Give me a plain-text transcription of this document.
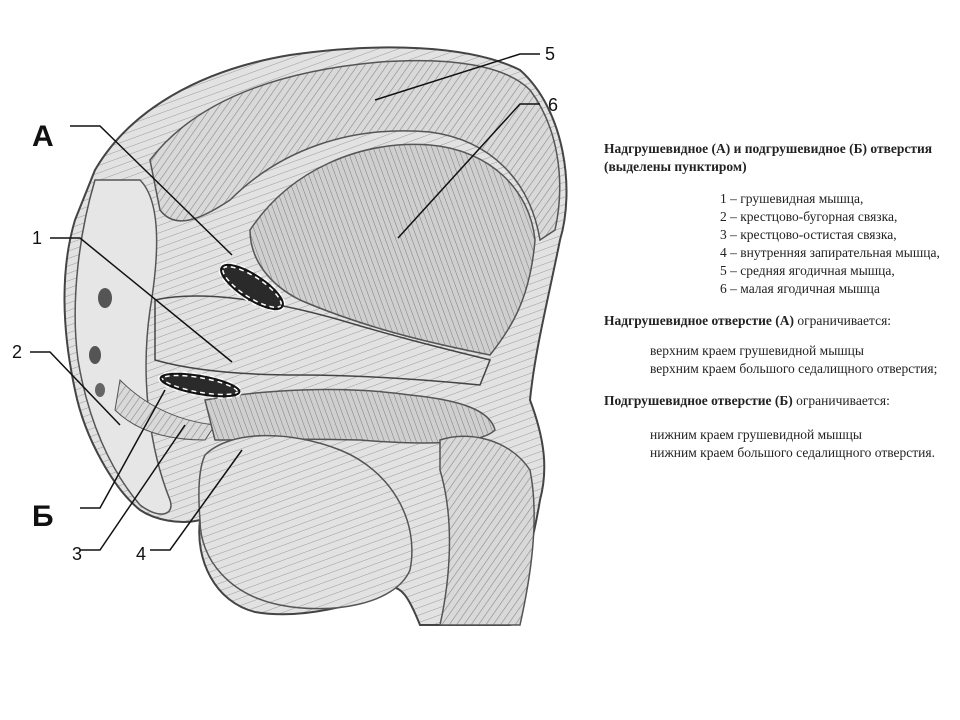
А
1
2
Б
3	4
5
6
Надгрушевидное (А) и подгрушевидное (Б) отверстия
(выделены пунктиром)
1 – грушевидная мышца,
2 – крестцово-бугорная связка,
3 – крестцово-остистая связка,
4 – внутренняя запирательная мышца,
5 – средняя ягодичная мышца,
6 – малая ягодичная мышца
Надгрушевидное отверстие (А) ограничивается:
верхним краем грушевидной мышцы
верхним краем большого седалищного отверстия;
Подгрушевидное отверстие (Б) ограничивается:
нижним краем грушевидной мышцы
нижним краем большого седалищного отверстия.
